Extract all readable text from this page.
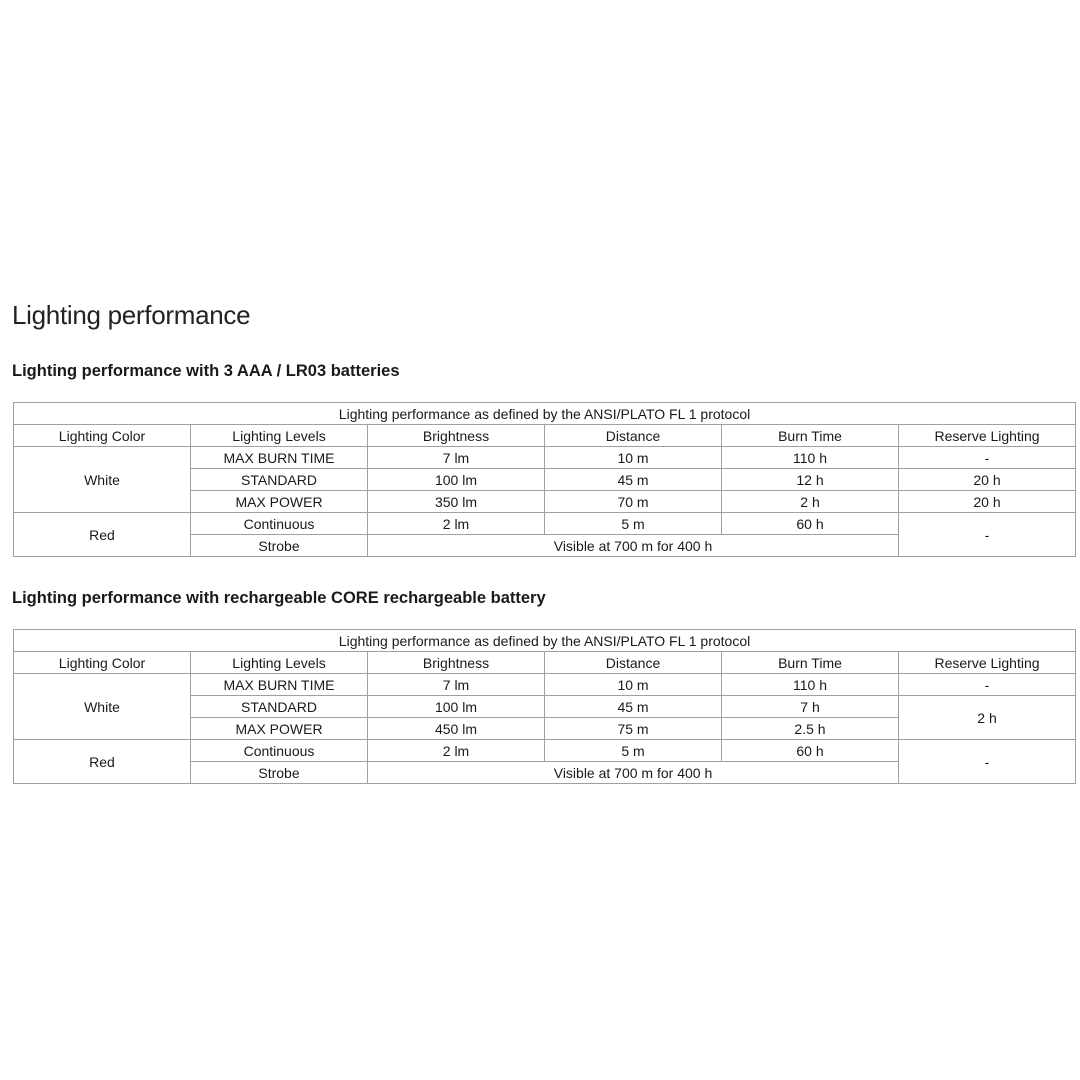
Lighting performance
Lighting performance with 3 AAA / LR03 batteries
Lighting performance as defined by the ANSI/PLATO FL 1 protocol					
Lighting Color	Lighting Levels	Brightness	Distance	Burn Time	Reserve Lighting
White	MAX BURN TIME	7 lm	10 m	110 h	-
	STANDARD	100 lm	45 m	12 h	20 h
	MAX POWER	350 lm	70 m	2 h	20 h
Red	Continuous	2 lm	5 m	60 h	-
	Strobe	Visible at 700 m for 400 h			
Lighting performance with rechargeable CORE rechargeable battery
Lighting performance as defined by the ANSI/PLATO FL 1 protocol					
Lighting Color	Lighting Levels	Brightness	Distance	Burn Time	Reserve Lighting
White	MAX BURN TIME	7 lm	10 m	110 h	-
	STANDARD	100 lm	45 m	7 h	2 h
	MAX POWER	450 lm	75 m	2.5 h	
Red	Continuous	2 lm	5 m	60 h	-
	Strobe	Visible at 700 m for 400 h			
